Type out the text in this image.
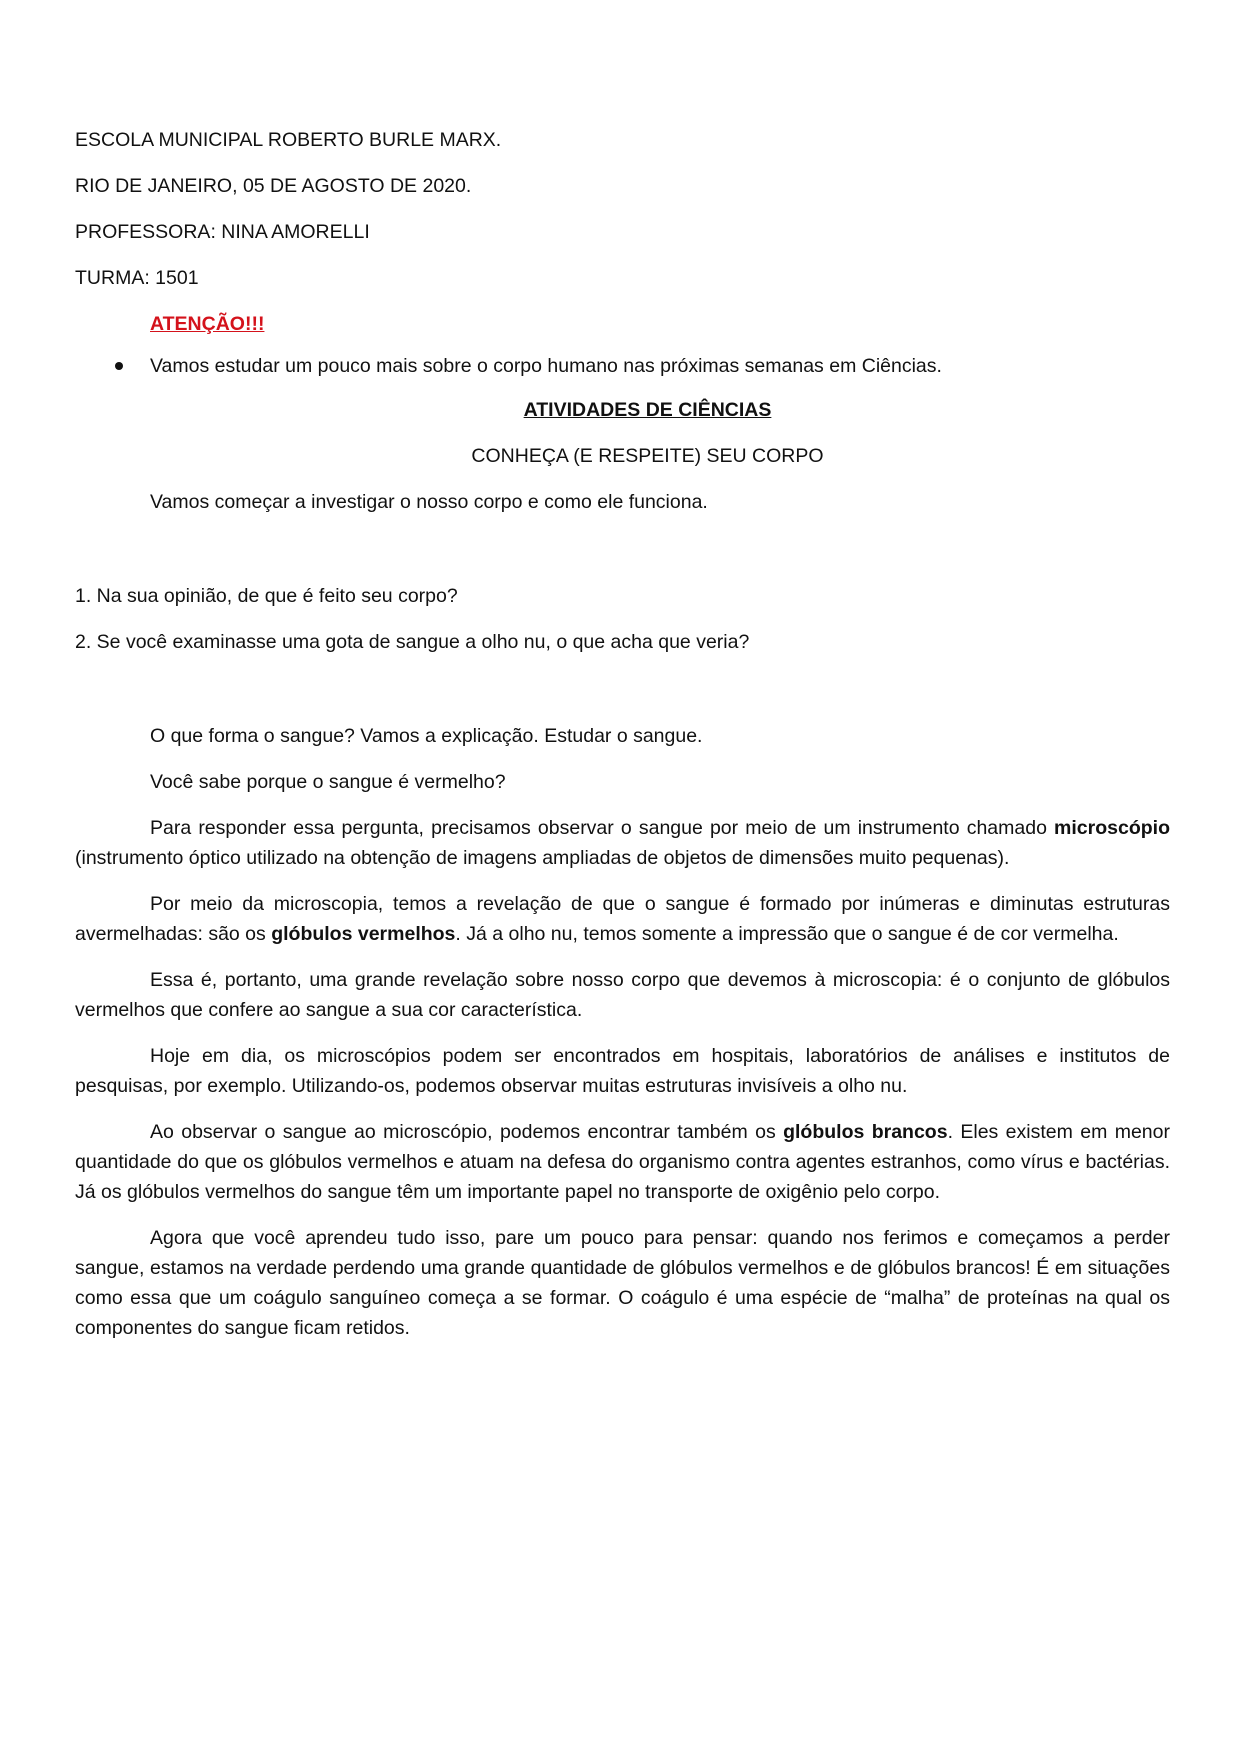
ESCOLA MUNICIPAL ROBERTO BURLE MARX.
RIO DE JANEIRO, 05 DE AGOSTO DE 2020.
PROFESSORA: NINA AMORELLI
TURMA: 1501
ATENÇÃO!!!
Vamos estudar um pouco mais sobre o corpo humano nas próximas semanas em Ciências.
ATIVIDADES DE CIÊNCIAS
CONHEÇA (E RESPEITE) SEU CORPO
Vamos começar a investigar o nosso corpo e como ele funciona.
1. Na sua opinião, de que é feito seu corpo?
2. Se você examinasse uma gota de sangue a olho nu, o que acha que veria?
O que forma o sangue? Vamos a explicação. Estudar o sangue.
Você sabe porque o sangue é vermelho?

Para responder essa pergunta, precisamos observar o sangue por meio de um instrumento chamado microscópio (instrumento óptico utilizado na obtenção de imagens ampliadas de objetos de dimensões muito pequenas).

Por meio da microscopia, temos a revelação de que o sangue é formado por inúmeras e diminutas estruturas avermelhadas: são os glóbulos vermelhos. Já a olho nu, temos somente a impressão que o sangue é de cor vermelha.

Essa é, portanto, uma grande revelação sobre nosso corpo que devemos à microscopia: é o conjunto de glóbulos vermelhos que confere ao sangue a sua cor característica.

Hoje em dia, os microscópios podem ser encontrados em hospitais, laboratórios de análises e institutos de pesquisas, por exemplo. Utilizando-os, podemos observar muitas estruturas invisíveis a olho nu.

Ao observar o sangue ao microscópio, podemos encontrar também os glóbulos brancos. Eles existem em menor quantidade do que os glóbulos vermelhos e atuam na defesa do organismo contra agentes estranhos, como vírus e bactérias. Já os glóbulos vermelhos do sangue têm um importante papel no transporte de oxigênio pelo corpo.

Agora que você aprendeu tudo isso, pare um pouco para pensar: quando nos ferimos e começamos a perder sangue, estamos na verdade perdendo uma grande quantidade de glóbulos vermelhos e de glóbulos brancos! É em situações como essa que um coágulo sanguíneo começa a se formar. O coágulo é uma espécie de “malha” de proteínas na qual os componentes do sangue ficam retidos.
